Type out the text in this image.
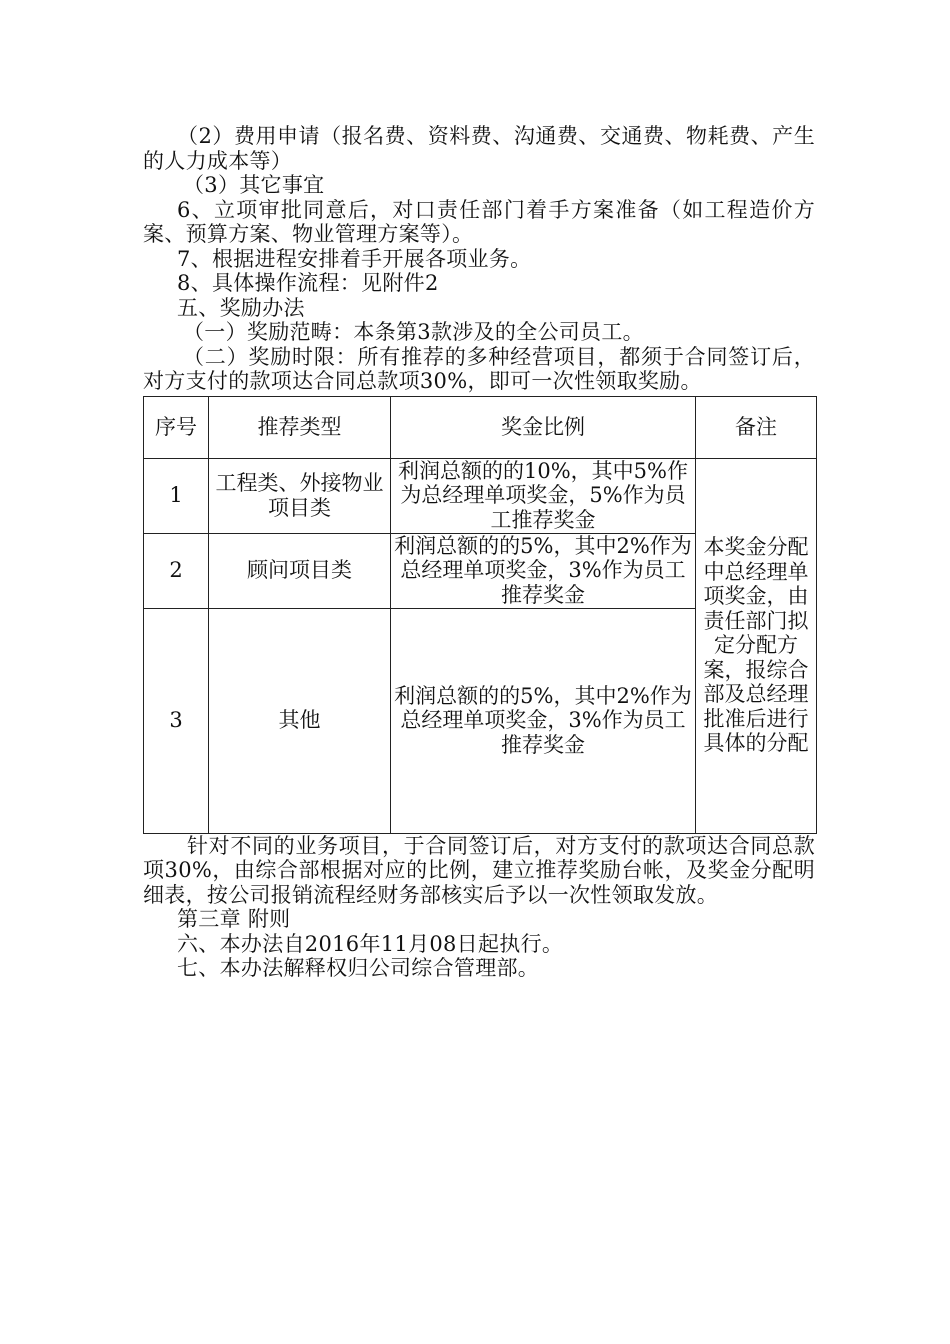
（2）费用申请（报名费、资料费、沟通费、交通费、物耗费、产生的人力成本等）

（3）其它事宜

6、立项审批同意后，对口责任部门着手方案准备（如工程造价方案、预算方案、物业管理方案等）。

7、根据进程安排着手开展各项业务。

8、具体操作流程：见附件2

五、奖励办法

（一）奖励范畴：本条第3款涉及的全公司员工。

（二）奖励时限：所有推荐的多种经营项目，都须于合同签订后，对方支付的款项达合同总款项30%，即可一次性领取奖励。

序号	推荐类型	奖金比例	备注
1	工程类、外接物业项目类	利润总额的的10%，其中5%作为总经理单项奖金，5%作为员工推荐奖金	本奖金分配中总经理单项奖金，由责任部门拟定分配方案，报综合部及总经理批准后进行具体的分配
2	顾问项目类	利润总额的的5%，其中2%作为总经理单项奖金，3%作为员工推荐奖金	
3	其他	利润总额的的5%，其中2%作为总经理单项奖金，3%作为员工推荐奖金	

针对不同的业务项目，于合同签订后，对方支付的款项达合同总款项30%，由综合部根据对应的比例，建立推荐奖励台帐，及奖金分配明细表，按公司报销流程经财务部核实后予以一次性领取发放。

第三章 附则

六、本办法自2016年11月08日起执行。

七、本办法解释权归公司综合管理部。
